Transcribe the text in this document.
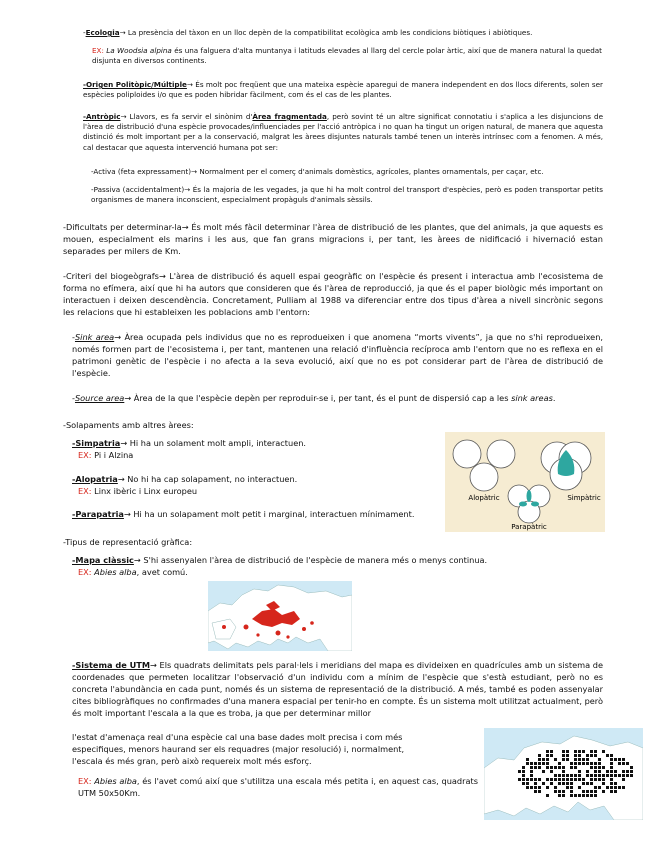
-Ecologia→ La presència del tàxon en un lloc depèn de la compatibilitat ecològica amb les condicions biòtiques i abiòtiques.

EX: La Woodsia alpina és una falguera d'alta muntanya i latituds elevades al llarg del cercle polar àrtic, així que de manera natural la quedat disjunta en diversos continents.

-Origen Politòpic/Múltiple→ És molt poc freqüent que una mateixa espècie aparegui de manera independent en dos llocs diferents, solen ser espècies poliploides i/o que es poden hibridar fàcilment, com és el cas de les plantes.

-Antròpic→ Llavors, es fa servir el sinònim d'Àrea fragmentada, però sovint té un altre significat connotatiu i s'aplica a les disjuncions de l'àrea de distribució d'una espècie provocades/influenciades per l'acció antròpica i no quan ha tingut un origen natural, de manera que aquesta distinció és molt important per a la conservació, malgrat les àrees disjuntes naturals també tenen un interès intrínsec com a fenomen. A més, cal destacar que aquesta intervenció humana pot ser:

-Activa (feta expressament)→ Normalment per el comerç d'animals domèstics, agrícoles, plantes ornamentals, per caçar, etc.

-Passiva (accidentalment)→ És la majoria de les vegades, ja que hi ha molt control del transport d'espècies, però es poden transportar petits organismes de manera inconscient, especialment propàguls d'animals sèssils.

-Dificultats per determinar-la→ És molt més fàcil determinar l'àrea de distribució de les plantes, que del animals, ja que aquests es mouen, especialment els marins i les aus, que fan grans migracions i, per tant, les àrees de nidificació i hivernació estan separades per milers de Km.

-Criteri del biogeògrafs→ L'àrea de distribució és aquell espai geogràfic on l'espècie és present i interactua amb l'ecosistema de forma no efímera, així que hi ha autors que consideren que és l'àrea de reproducció, ja que és el paper biològic més important on interactuen i deixen descendència. Concretament, Pulliam al 1988 va diferenciar entre dos tipus d'àrea a nivell sincrònic segons les relacions que hi estableixen les poblacions amb l'entorn:

-Sink area→ Àrea ocupada pels individus que no es reprodueixen i que anomena “morts vivents”, ja que no s'hi reprodueixen, només formen part de l'ecosistema i, per tant, mantenen una relació d'influència recíproca amb l'entorn que no es reflexa en el patrimoni genètic de l'espècie i no afecta a la seva evolució, així que no es pot considerar part de l'àrea de distribució de l'espècie.

-Source area→ Àrea de la que l'espècie depèn per reproduir-se i, per tant, és el punt de dispersió cap a les sink areas.

-Solapaments amb altres àrees:

-Simpatria→ Hi ha un solament molt ampli, interactuen.

EX: Pi i Alzina

-Alopatria→ No hi ha cap solapament, no interactuen.

EX: Linx ibèric i Linx europeu

-Parapatria→ Hi ha un solapament molt petit i marginal, interactuen mínimament.

Alopàtric	Simpàtric
Parapàtric

-Tipus de representació gràfica:

-Mapa clàssic→ S'hi assenyalen l'àrea de distribució de l'espècie de manera més o menys continua.

EX: Abies alba, avet comú.

-Sistema de UTM→ Els quadrats delimitats pels paral·lels i meridians del mapa es divideixen en quadrícules amb un sistema de coordenades que permeten localitzar l'observació d'un individu com a mínim de l'espècie que s'està estudiant, però no es concreta l'abundància en cada punt, només és un sistema de representació de la distribució. A més, també es poden assenyalar cites bibliogràfiques no confirmades d'una manera espacial per tenir-ho en compte. És un sistema molt utilitzat actualment, però és molt important l'escala a la que es troba, ja que per determinar millor

l'estat d'amenaça real d'una espècie cal una base dades molt precisa i com més

especifiques, menors haurand ser els requadres (major resolució) i, normalment,

l'escala és més gran, però això requereix molt més esforç.

EX: Abies alba, és l'avet comú així que s'utilitza una escala més petita i, en aquest cas, quadrats UTM 50x50Km.
